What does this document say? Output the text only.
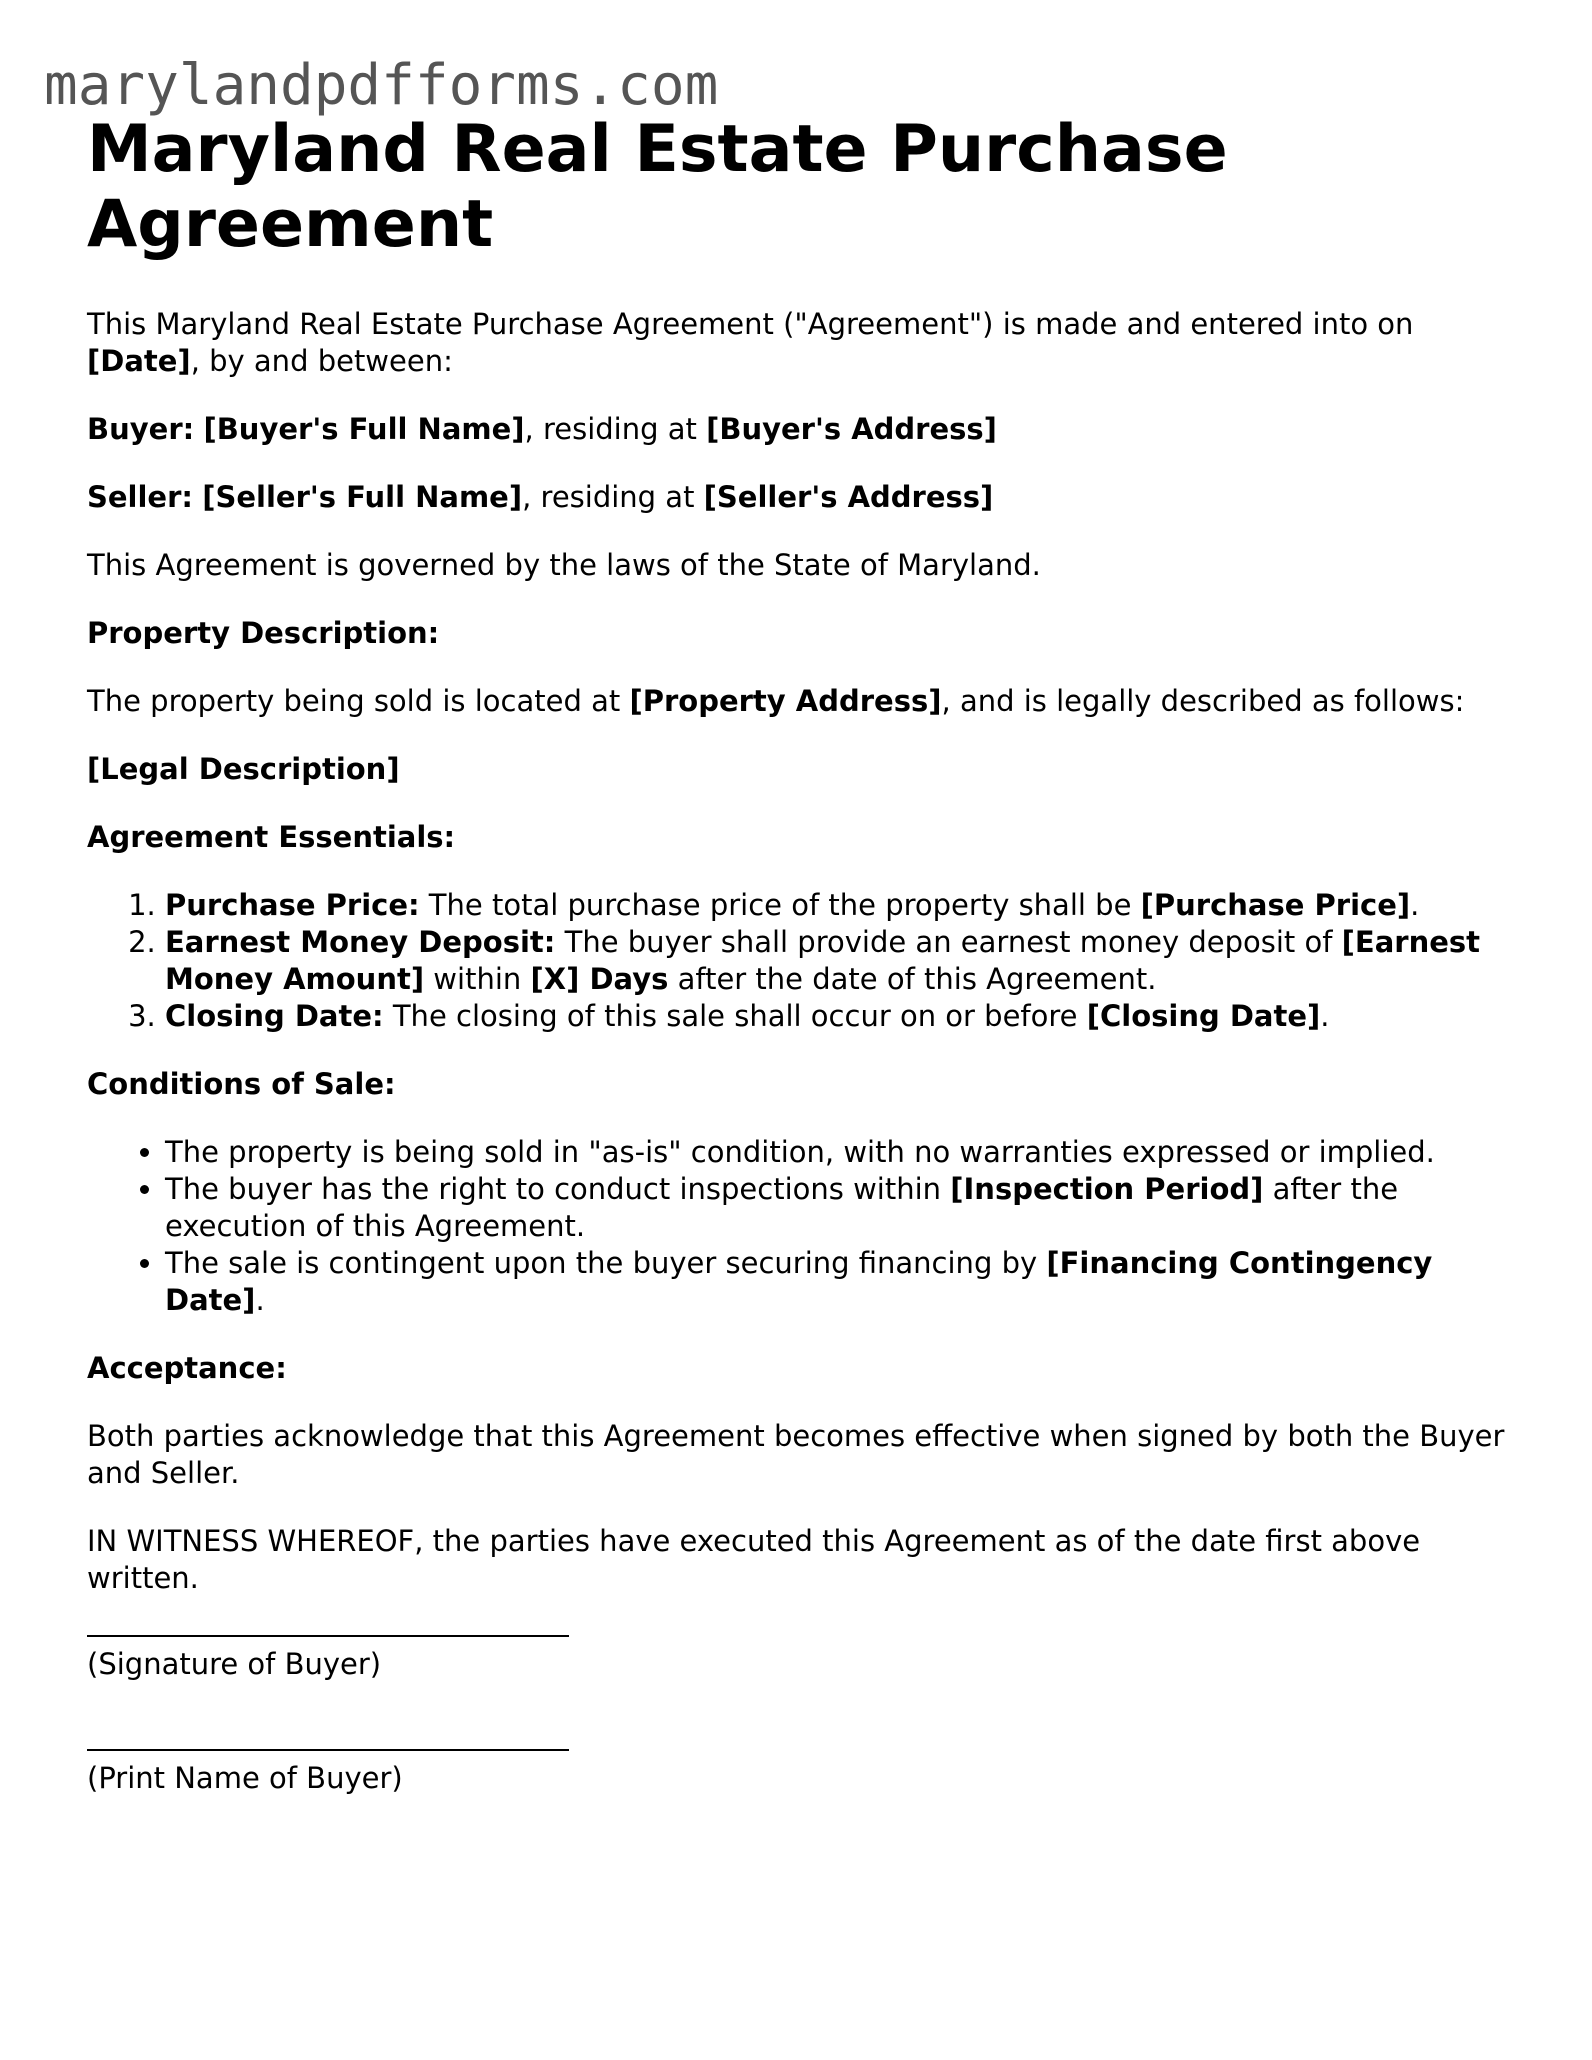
marylandpdfforms.com
Maryland Real Estate Purchase Agreement

This Maryland Real Estate Purchase Agreement ("Agreement") is made and entered into on [Date], by and between:

Buyer: [Buyer's Full Name], residing at [Buyer's Address]

Seller: [Seller's Full Name], residing at [Seller's Address]

This Agreement is governed by the laws of the State of Maryland.

Property Description:

The property being sold is located at [Property Address], and is legally described as follows:

[Legal Description]

Agreement Essentials:

1. Purchase Price: The total purchase price of the property shall be [Purchase Price].
2. Earnest Money Deposit: The buyer shall provide an earnest money deposit of [Earnest Money Amount] within [X] Days after the date of this Agreement.
3. Closing Date: The closing of this sale shall occur on or before [Closing Date].

Conditions of Sale:

• The property is being sold in "as-is" condition, with no warranties expressed or implied.
• The buyer has the right to conduct inspections within [Inspection Period] after the execution of this Agreement.
• The sale is contingent upon the buyer securing financing by [Financing Contingency Date].

Acceptance:

Both parties acknowledge that this Agreement becomes effective when signed by both the Buyer and Seller.

IN WITNESS WHEREOF, the parties have executed this Agreement as of the date first above written.

(Signature of Buyer)

(Print Name of Buyer)
